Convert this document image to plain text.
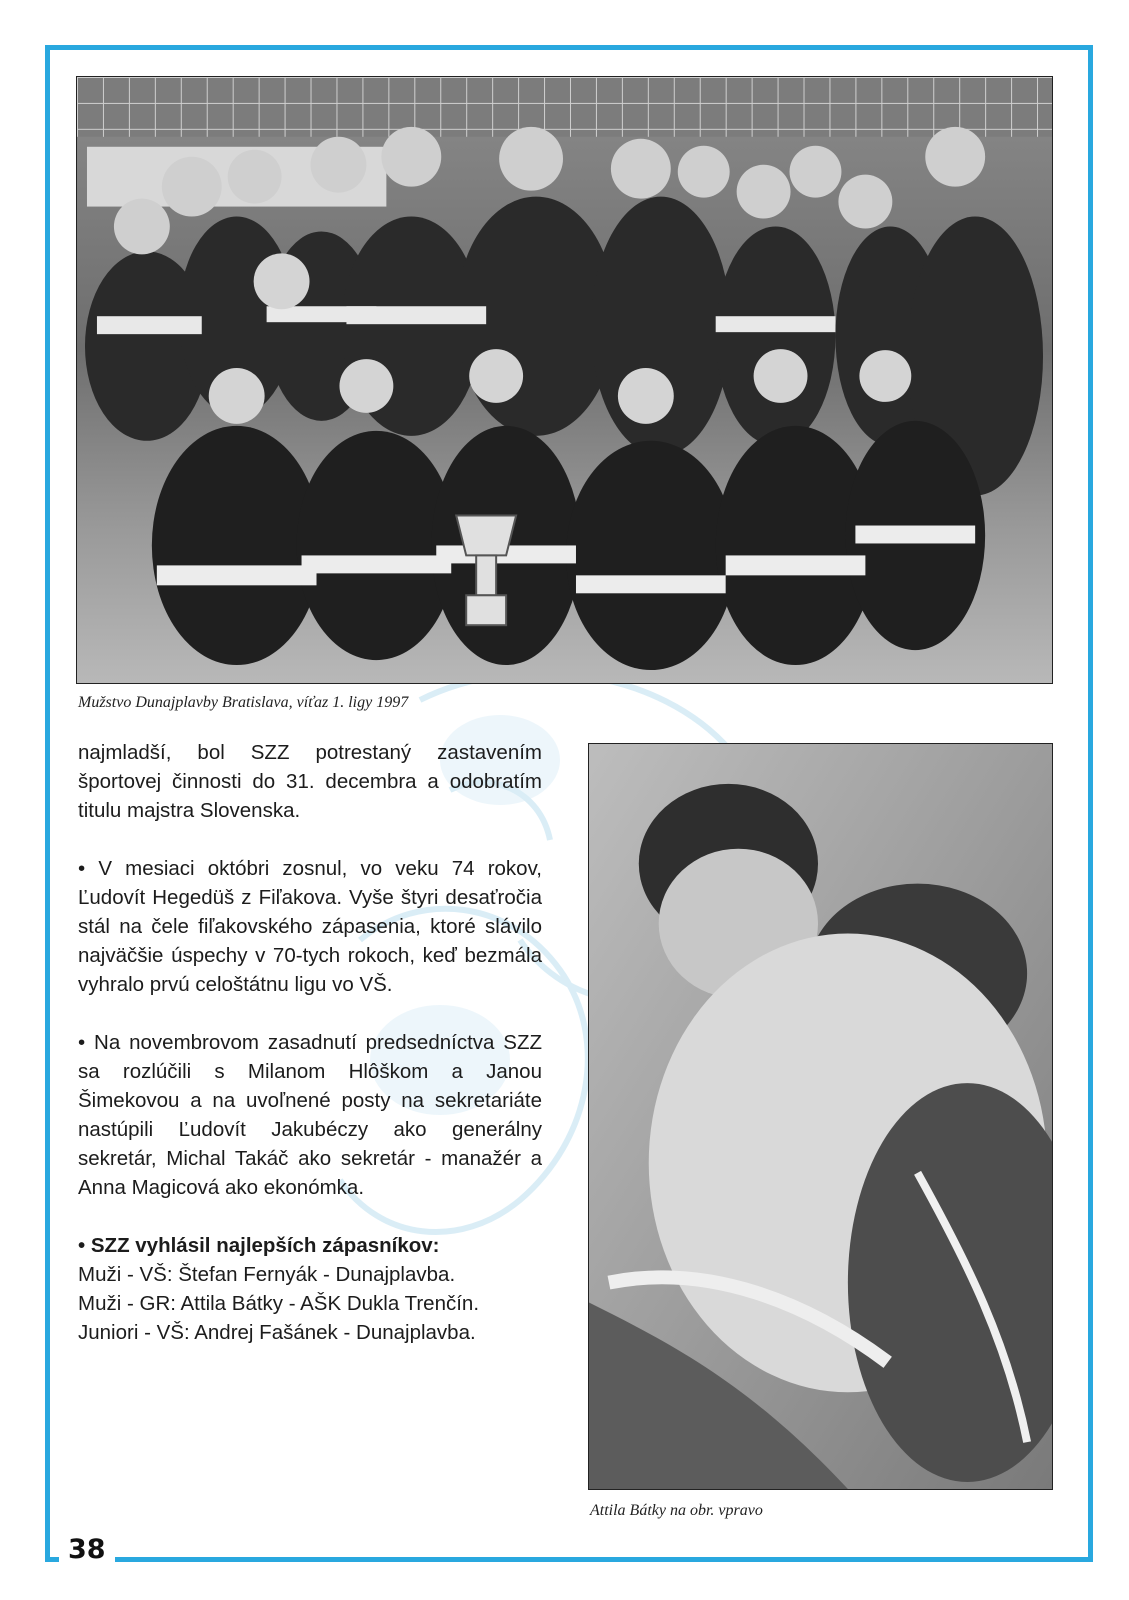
38
Mužstvo Dunajplavby Bratislava, víťaz 1. ligy 1997
Attila Bátky na obr. vpravo

najmladší, bol SZZ potrestaný zastavením športovej činnosti do 31. decembra a odobratím titulu majstra Slovenska.

• V mesiaci októbri zosnul, vo veku 74 rokov, Ľudovít Hegedüš z Fiľakova. Vyše štyri desaťročia stál na čele fiľakovského zápasenia, ktoré slávilo najväčšie úspechy v 70-tych rokoch, keď bezmála vyhralo prvú celoštátnu ligu vo VŠ.

• Na novembrovom zasadnutí predsedníctva SZZ sa rozlúčili s Milanom Hlôškom a Janou Šimekovou a na uvoľnené posty na sekretariáte nastúpili Ľudovít Jakubéczy ako generálny sekretár, Michal Takáč ako sekretár - manažér a Anna Magicová ako ekonómka.

• SZZ vyhlásil najlepších zápasníkov:
Muži - VŠ: Štefan Fernyák - Dunajplavba.
Muži - GR: Attila Bátky - AŠK Dukla Trenčín.
Juniori - VŠ: Andrej Fašánek - Dunajplavba.
